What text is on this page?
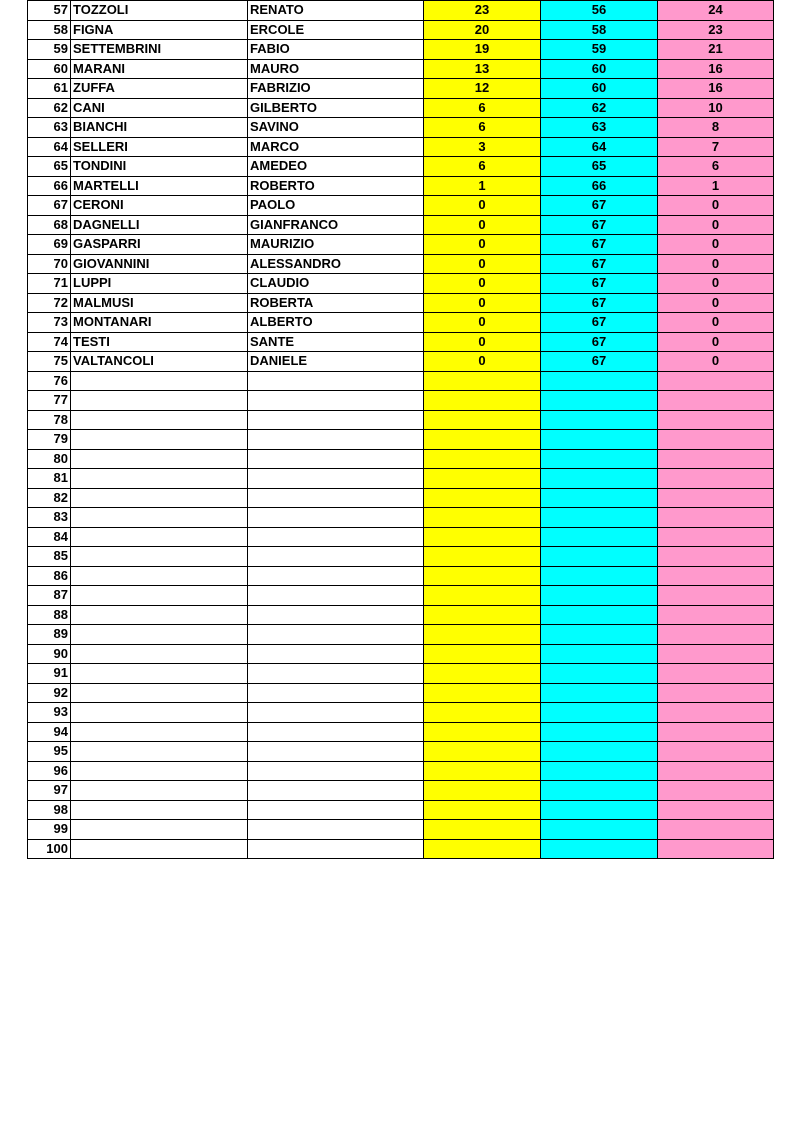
57	TOZZOLI	RENATO	23	56	24
58	FIGNA	ERCOLE	20	58	23
59	SETTEMBRINI	FABIO	19	59	21
60	MARANI	MAURO	13	60	16
61	ZUFFA	FABRIZIO	12	60	16
62	CANI	GILBERTO	6	62	10
63	BIANCHI	SAVINO	6	63	8
64	SELLERI	MARCO	3	64	7
65	TONDINI	AMEDEO	6	65	6
66	MARTELLI	ROBERTO	1	66	1
67	CERONI	PAOLO	0	67	0
68	DAGNELLI	GIANFRANCO	0	67	0
69	GASPARRI	MAURIZIO	0	67	0
70	GIOVANNINI	ALESSANDRO	0	67	0
71	LUPPI	CLAUDIO	0	67	0
72	MALMUSI	ROBERTA	0	67	0
73	MONTANARI	ALBERTO	0	67	0
74	TESTI	SANTE	0	67	0
75	VALTANCOLI	DANIELE	0	67	0
76					
77					
78					
79					
80					
81					
82					
83					
84					
85					
86					
87					
88					
89					
90					
91					
92					
93					
94					
95					
96					
97					
98					
99					
100					
